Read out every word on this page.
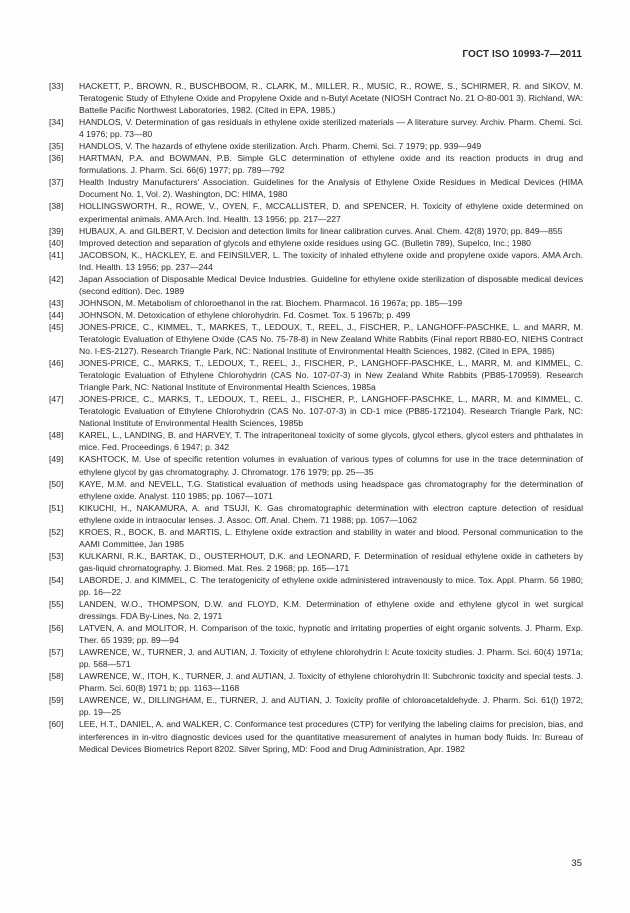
ГОСТ ISO 10993-7—2011
[33]	HACKETT, P., BROWN, R., BUSCHBOOM, R., CLARK, M., MILLER, R., MUSIC, R., ROWE, S., SCHIRMER, R. and SIKOV, M. Teratogenic Study of Ethylene Oxide and Propylene Oxide and n-Butyl Acetate (NIOSH Contract No. 21 O-80-001 3). Richland, WA: Battelle Pacific Northwest Laboratories, 1982. (Cited in EPA, 1985.)
[34]	HANDLOS, V. Determination of gas residuals in ethylene oxide sterilized materials — A literature survey. Archiv. Pharm. Chemi. Sci. 4 1976; pp. 73—80
[35]	HANDLOS, V. The hazards of ethylene oxide sterilization. Arch. Pharm. Chemi. Sci. 7 1979; pp. 939—949
[36]	HARTMAN, P.A. and BOWMAN, P.B. Simple GLC determination of ethylene oxide and its reaction products in drug and formulations. J. Pharm. Sci. 66(6) 1977; pp. 789—792
[37]	Health Industry Manufacturers' Association. Guidelines for the Analysis of Ethylene Oxide Residues in Medical Devices (HIMA Document No. 1, Vol. 2). Washington, DC: HIMA, 1980
[38]	HOLLINGSWORTH, R., ROWE, V., OYEN, F., MCCALLISTER, D. and SPENCER, H. Toxicity of ethylene oxide determined on experimental animals. AMA Arch. Ind. Health. 13 1956; pp. 217—227
[39]	HUBAUX, A. and GILBERT, V. Decision and detection limits for linear calibration curves. Anal. Chem. 42(8) 1970; pp. 849—855
[40]	Improved detection and separation of glycols and ethylene oxide residues using GC. (Bulletin 789), Supelco, Inc.; 1980
[41]	JACOBSON, K., HACKLEY, E. and FEINSILVER, L. The toxicity of inhaled ethylene oxide and propylene oxide vapors. AMA Arch. Ind. Health. 13 1956; pp. 237—244
[42]	Japan Association of Disposable Medical Device Industries. Guideline for ethylene oxide sterilization of disposable medical devices (second edition). Dec. 1989
[43]	JOHNSON, M. Metabolism of chloroethanol in the rat. Biochem. Pharmacol. 16 1967a; pp. 185—199
[44]	JOHNSON, M. Detoxication of ethylene chlorohydrin. Fd. Cosmet. Tox. 5 1967b; p. 499
[45]	JONES-PRICE, C., KIMMEL, T., MARKES, T., LEDOUX, T., REEL, J., FISCHER, P., LANGHOFF-PASCHKE, L. and MARR, M. Teratologic Evaluation of Ethylene Oxide (CAS No. 75-78-8) in New Zealand White Rabbits (Final report RB80-EO, NIEHS Contract No. I-ES-2127). Research Triangle Park, NC: National Institute of Environmental Health Sciences, 1982. (Cited in EPA, 1985)
[46]	JONES-PRICE, C., MARKS, T., LEDOUX, T., REEL, J., FISCHER, P., LANGHOFF-PASCHKE, L., MARR, M. and KIMMEL, C. Teratologic Evaluation of Ethylene Chlorohydrin (CAS No. 107-07-3) in New Zealand White Rabbits (PB85-170959). Research Triangle Park, NC: National Institute of Environmental Health Sciences, 1985a
[47]	JONES-PRICE, C., MARKS, T., LEDOUX, T., REEL, J., FISCHER, P., LANGHOFF-PASCHKE, L., MARR, M. and KIMMEL, C. Teratologic Evaluation of Ethylene Chlorohydrin (CAS No. 107-07-3) in CD-1 mice (PB85-172104). Research Triangle Park, NC: National Institute of Environmental Health Sciences, 1985b
[48]	KAREL, L., LANDING, B. and HARVEY, T. The intraperitoneal toxicity of some glycols, glycol ethers, glycol esters and phthalates in mice. Fed. Proceedings. 6 1947; p. 342
[49]	KASHTOCK, M. Use of specific retention volumes in evaluation of various types of columns for use in the trace determination of ethylene glycol by gas chromatography. J. Chromatogr. 176 1979; pp. 25—35
[50]	KAYE, M.M. and NEVELL, T.G. Statistical evaluation of methods using headspace gas chromatography for the determination of ethylene oxide. Analyst. 110 1985; pp. 1067—1071
[51]	KIKUCHI, H., NAKAMURA, A. and TSUJI, K. Gas chromatographic determination with electron capture detection of residual ethylene oxide in intraocular lenses. J. Assoc. Off. Anal. Chem. 71 1988; pp. 1057—1062
[52]	KROES, R., BOCK, B. and MARTIS, L. Ethylene oxide extraction and stability in water and blood. Personal communication to the AAMI Committee, Jan 1985
[53]	KULKARNI, R.K., BARTAK, D., OUSTERHOUT, D.K. and LEONARD, F. Determination of residual ethylene oxide in catheters by gas-liquid chromatography. J. Biomed. Mat. Res. 2 1968; pp. 165—171
[54]	LABORDE, J. and KIMMEL, C. The teratogenicity of ethylene oxide administered intravenously to mice. Tox. Appl. Pharm. 56 1980; pp. 16—22
[55]	LANDEN, W.O., THOMPSON, D.W. and FLOYD, K.M. Determination of ethylene oxide and ethylene glycol in wet surgical dressings. FDA By-Lines, No. 2, 1971
[56]	LATVEN, A. and MOLITOR, H. Comparison of the toxic, hypnotic and irritating properties of eight organic solvents. J. Pharm. Exp. Ther. 65 1939; pp. 89—94
[57]	LAWRENCE, W., TURNER, J. and AUTIAN, J. Toxicity of ethylene chlorohydrin I: Acute toxicity studies. J. Pharm. Sci. 60(4) 1971a; pp. 568—571
[58]	LAWRENCE, W., ITOH, K., TURNER, J. and AUTIAN, J. Toxicity of ethylene chlorohydrin II: Subchronic toxicity and special tests. J. Pharm. Sci. 60(8) 1971 b; pp. 1163—1168
[59]	LAWRENCE, W., DILLINGHAM, E., TURNER, J. and AUTIAN, J. Toxicity profile of chloroacetaldehyde. J. Pharm. Sci. 61(l) 1972; pp. 19—25
[60]	LEE, H.T., DANIEL, A. and WALKER, C. Conformance test procedures (CTP) for verifying the labeling claims for precision, bias, and interferences in in-vitro diagnostic devices used for the quantitative measurement of analytes in human body fluids. In: Bureau of Medical Devices Biometrics Report 8202. Silver Spring, MD: Food and Drug Administration, Apr. 1982
35
